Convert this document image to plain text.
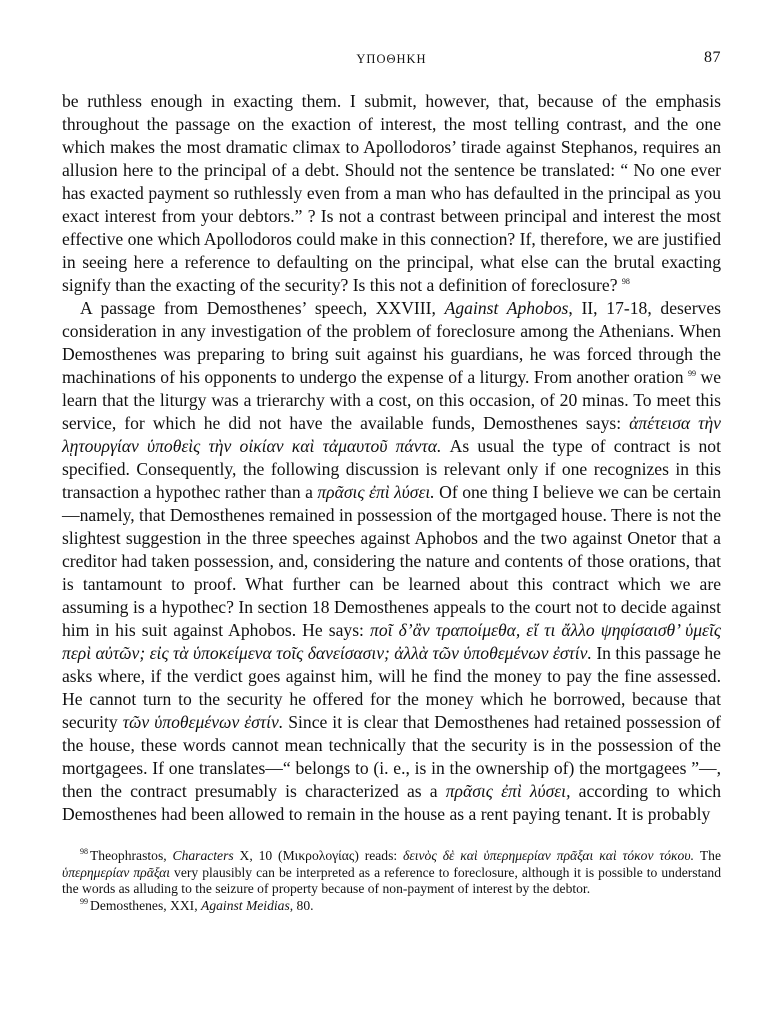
ΥΠΟΘΗΚΗ	87

be ruthless enough in exacting them. I submit, however, that, because of the emphasis throughout the passage on the exaction of interest, the most telling contrast, and the one which makes the most dramatic climax to Apollodoros’ tirade against Stephanos, requires an allusion here to the principal of a debt. Should not the sentence be translated: “ No one ever has exacted payment so ruthlessly even from a man who has defaulted in the principal as you exact interest from your debtors.” ? Is not a contrast between principal and interest the most effective one which Apollodoros could make in this connection? If, therefore, we are justified in seeing here a reference to defaulting on the principal, what else can the brutal exacting signify than the exacting of the security? Is this not a definition of foreclosure? $^{98}$

A passage from Demosthenes’ speech, XXVIII, Against Aphobos, II, 17-18, deserves consideration in any investigation of the problem of foreclosure among the Athenians. When Demosthenes was preparing to bring suit against his guardians, he was forced through the machinations of his opponents to undergo the expense of a liturgy. From another oration $^{99}$ we learn that the liturgy was a trierarchy with a cost, on this occasion, of 20 minas. To meet this service, for which he did not have the available funds, Demosthenes says: ἀπέτεισα τὴν λῃτουργίαν ὑποθεὶς τὴν οἰκίαν καὶ τἀμαυτοῦ πάντα. As usual the type of contract is not specified. Consequently, the following discussion is relevant only if one recognizes in this transaction a hypothec rather than a πρᾶσις ἐπὶ λύσει. Of one thing I believe we can be certain—namely, that Demosthenes remained in possession of the mortgaged house. There is not the slightest suggestion in the three speeches against Aphobos and the two against Onetor that a creditor had taken possession, and, considering the nature and contents of those orations, that is tantamount to proof. What further can be learned about this contract which we are assuming is a hypothec? In section 18 Demosthenes appeals to the court not to decide against him in his suit against Aphobos. He says: ποῖ δ’ἂν τραποίμεθα, εἴ τι ἄλλο ψηφίσαισθ’ ὑμεῖς περὶ αὐτῶν; εἰς τὰ ὑποκείμενα τοῖς δανείσασιν; ἀλλὰ τῶν ὑποθεμένων ἐστίν. In this passage he asks where, if the verdict goes against him, will he find the money to pay the fine assessed. He cannot turn to the security he offered for the money which he borrowed, because that security τῶν ὑποθεμένων ἐστίν. Since it is clear that Demosthenes had retained possession of the house, these words cannot mean technically that the security is in the possession of the mortgagees. If one translates—“ belongs to (i. e., is in the ownership of) the mortgagees ”—, then the contract presumably is characterized as a πρᾶσις ἐπὶ λύσει, according to which Demosthenes had been allowed to remain in the house as a rent paying tenant. It is probably

$^{98}$ Theophrastos, Characters X, 10 (Μικρολογίας) reads: δεινὸς δὲ καὶ ὑπερημερίαν πρᾶξαι καὶ τόκον τόκου. The ὑπερημερίαν πρᾶξαι very plausibly can be interpreted as a reference to foreclosure, although it is possible to understand the words as alluding to the seizure of property because of non-payment of interest by the debtor.

$^{99}$ Demosthenes, XXI, Against Meidias, 80.
